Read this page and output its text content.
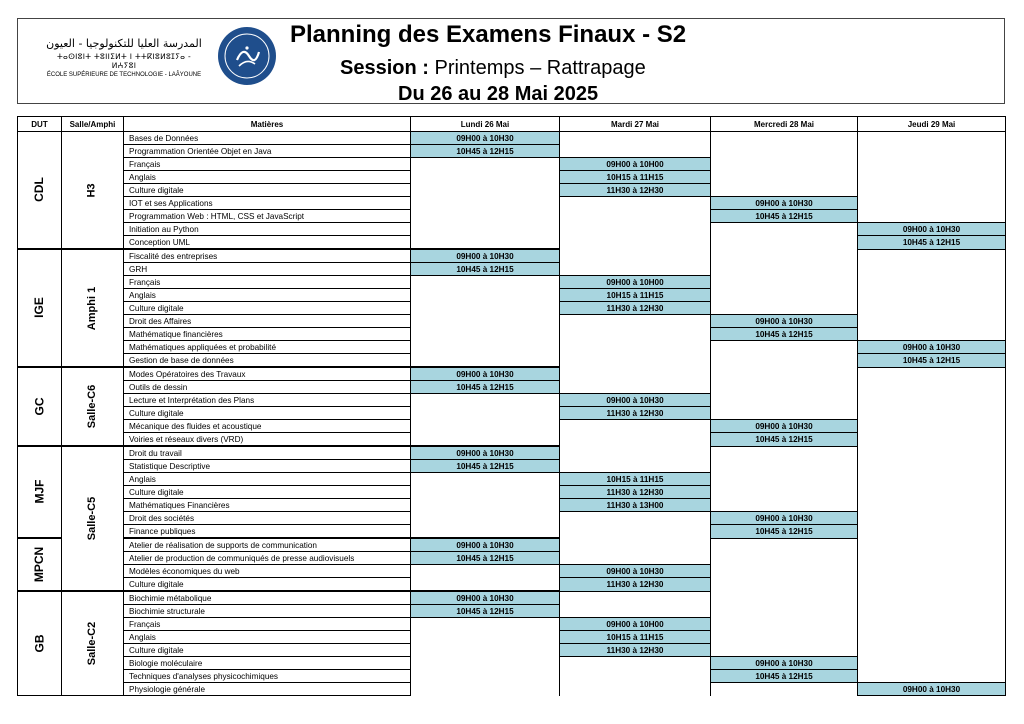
المدرسة العليا للتكنولوجيا - العيون
ⵜⴰⵙⵏⵓⵏⵜ ⵜⵓⵏⵏⵉⵍⵜ ⵏ ⵜⵜⴽⵏⵓⵍⵓⵊⵢⴰ - ⵍⵄⵢⵓⵏ
ÉCOLE SUPÉRIEURE DE TECHNOLOGIE - LAÂYOUNE
Planning des Examens Finaux - S2
Session : Printemps – Rattrapage
Du 26 au 28 Mai 2025
DUT	Salle/Amphi	Matières	Lundi 26 Mai	Mardi 27 Mai	Mercredi 28 Mai	Jeudi 29 Mai
CDL	H3	Bases de Données	09H00 à 10H30			
		Programmation Orientée Objet en Java	10H45 à 12H15			
		Français		09H00 à 10H00		
		Anglais		10H15 à 11H15		
		Culture digitale		11H30 à 12H30		
		IOT et ses Applications			09H00 à 10H30	
		Programmation Web : HTML, CSS et JavaScript			10H45 à 12H15	
		Initiation au Python				09H00 à 10H30
		Conception UML				10H45 à 12H15
IGE	Amphi 1	Fiscalité des entreprises	09H00 à 10H30			
		GRH	10H45 à 12H15			
		Français		09H00 à 10H00		
		Anglais		10H15 à 11H15		
		Culture digitale		11H30 à 12H30		
		Droit des Affaires			09H00 à 10H30	
		Mathématique financières			10H45 à 12H15	
		Mathématiques appliquées et probabilité				09H00 à 10H30
		Gestion de base de données				10H45 à 12H15
GC	Salle-C6	Modes Opératoires des Travaux	09H00 à 10H30			
		Outils de dessin	10H45 à 12H15			
		Lecture et Interprétation des Plans		09H00 à 10H30		
		Culture digitale		11H30 à 12H30		
		Mécanique des fluides et acoustique			09H00 à 10H30	
		Voiries et réseaux divers (VRD)			10H45 à 12H15	
MJF	Salle-C5	Droit du travail	09H00 à 10H30			
		Statistique Descriptive	10H45 à 12H15			
		Anglais		10H15 à 11H15		
		Culture digitale		11H30 à 12H30		
		Mathématiques Financières		11H30 à 13H00		
		Droit des sociétés			09H00 à 10H30	
		Finance publiques			10H45 à 12H15	
MPCN		Atelier de réalisation de supports de communication	09H00 à 10H30			
		Atelier de production de communiqués de presse audiovisuels	10H45 à 12H15			
		Modèles économiques du web		09H00 à 10H30		
		Culture digitale		11H30 à 12H30		
GB	Salle-C2	Biochimie métabolique	09H00 à 10H30			
		Biochimie structurale	10H45 à 12H15			
		Français		09H00 à 10H00		
		Anglais		10H15 à 11H15		
		Culture digitale		11H30 à 12H30		
		Biologie moléculaire			09H00 à 10H30	
		Techniques d'analyses physicochimiques			10H45 à 12H15	
		Physiologie générale				09H00 à 10H30
